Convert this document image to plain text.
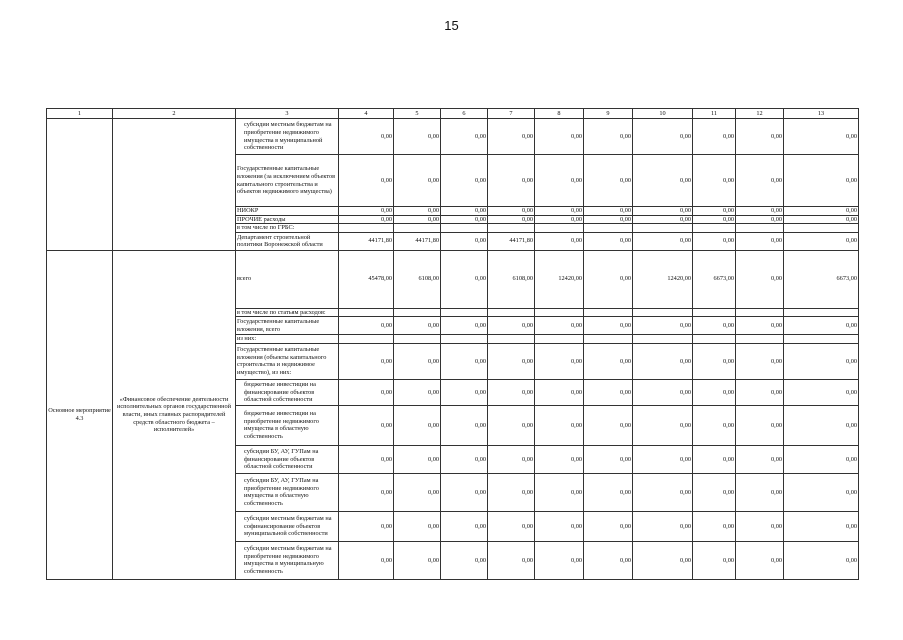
15
1	2	3	4	5	6	7	8	9	10	11	12	13
		субсидии местным бюджетам на приобретение недвижимого имущества в муниципальной собственности	0,00	0,00	0,00	0,00	0,00	0,00	0,00	0,00	0,00	0,00
		Государственные капитальные вложения (за исключением объектов капитального строительства и объектов недвижимого имущества)	0,00	0,00	0,00	0,00	0,00	0,00	0,00	0,00	0,00	0,00
		НИОКР	0,00	0,00	0,00	0,00	0,00	0,00	0,00	0,00	0,00	0,00
		ПРОЧИЕ расходы	0,00	0,00	0,00	0,00	0,00	0,00	0,00	0,00	0,00	0,00
		в том числе по ГРБС:										
		Департамент строительной политики Воронежской области	44171,80	44171,80	0,00	44171,80	0,00	0,00	0,00	0,00	0,00	0,00
Основное мероприятие 4.3	«Финансовое обеспечение деятельности исполнительных органов государственной власти, иных главных распорядителей средств областного бюджета – исполнителей»	всего	45478,00	6108,00	0,00	6108,00	12420,00	0,00	12420,00	6673,00	0,00	6673,00
		в том числе по статьям расходов:										
		Государственные капитальные вложения, всего	0,00	0,00	0,00	0,00	0,00	0,00	0,00	0,00	0,00	0,00
		из них:										
		Государственные капитальные вложения (объекты капитального строительства и недвижимое имущество), из них:	0,00	0,00	0,00	0,00	0,00	0,00	0,00	0,00	0,00	0,00
		бюджетные инвестиции на финансирование объектов областной собственности	0,00	0,00	0,00	0,00	0,00	0,00	0,00	0,00	0,00	0,00
		бюджетные инвестиции на приобретение недвижимого имущества в областную собственность	0,00	0,00	0,00	0,00	0,00	0,00	0,00	0,00	0,00	0,00
		субсидии БУ, АУ, ГУПам на финансирование объектов областной собственности	0,00	0,00	0,00	0,00	0,00	0,00	0,00	0,00	0,00	0,00
		субсидии БУ, АУ, ГУПам на приобретение недвижимого имущества в областную собственность	0,00	0,00	0,00	0,00	0,00	0,00	0,00	0,00	0,00	0,00
		субсидии местным бюджетам на софинансирование объектов муниципальной собственности	0,00	0,00	0,00	0,00	0,00	0,00	0,00	0,00	0,00	0,00
		субсидии местным бюджетам на приобретение недвижимого имущества в муниципальную собственность	0,00	0,00	0,00	0,00	0,00	0,00	0,00	0,00	0,00	0,00
